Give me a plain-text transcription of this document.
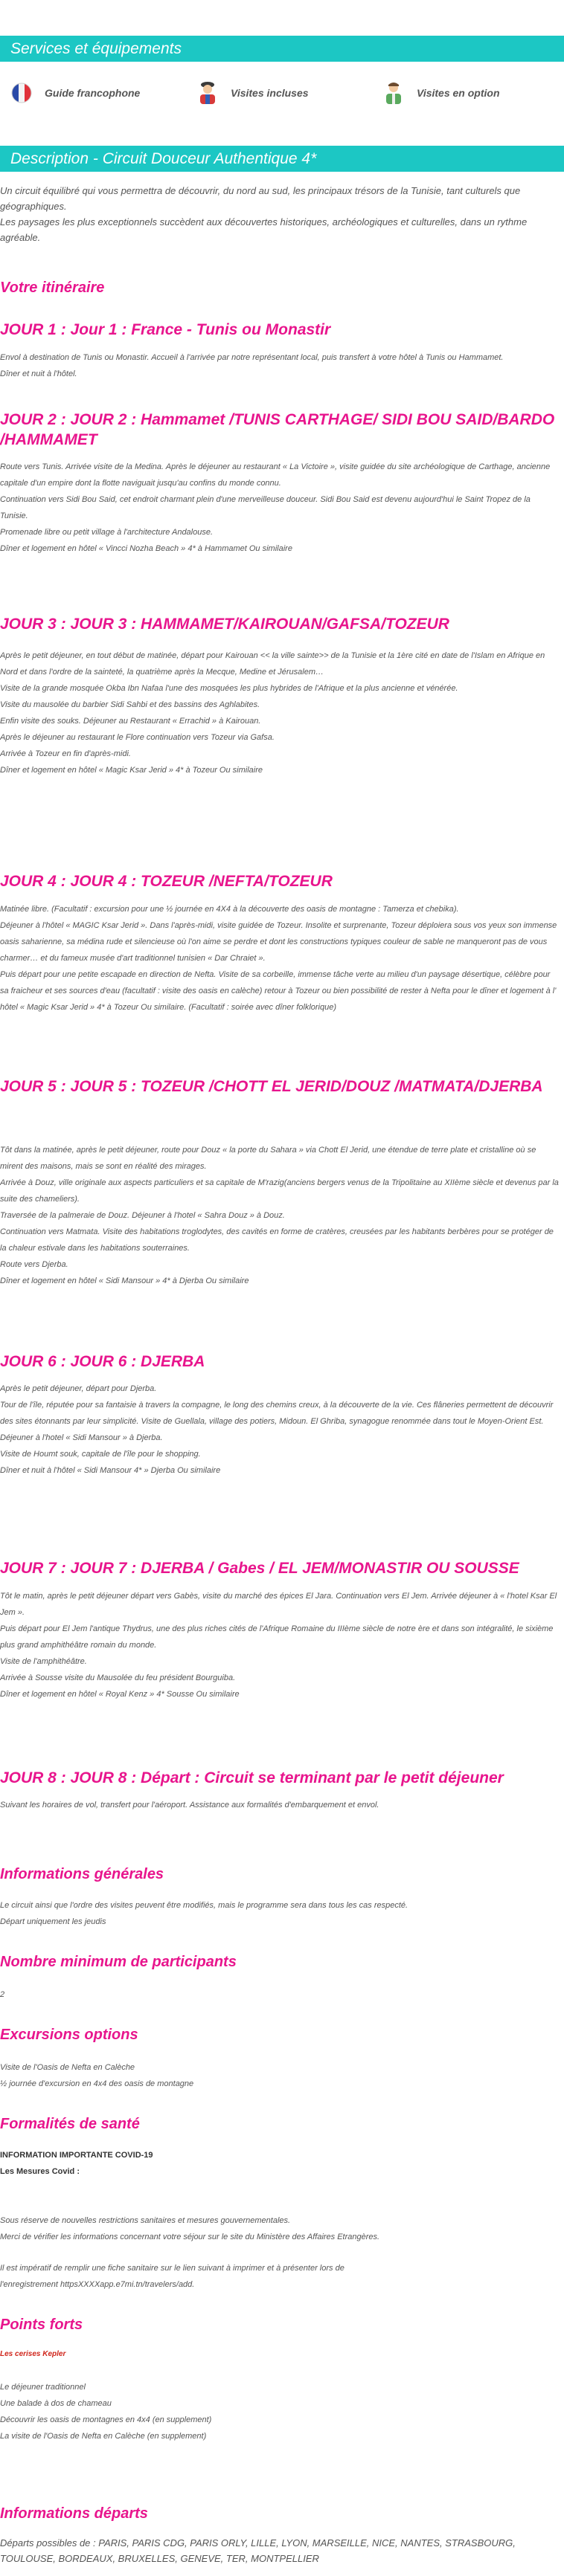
Services et équipements
Guide francophone	Visites incluses	Visites en option
Description - Circuit Douceur Authentique 4*

Un circuit équilibré qui vous permettra de découvrir, du nord au sud, les principaux trésors de la Tunisie, tant culturels que géographiques.

Les paysages les plus exceptionnels succèdent aux découvertes historiques, archéologiques et culturelles, dans un rythme agréable.

Votre itinéraire
JOUR 1 : Jour 1 : France - Tunis ou Monastir

Envol à destination de Tunis ou Monastir. Accueil à l'arrivée par notre représentant local, puis transfert à votre hôtel à Tunis ou Hammamet.

Dîner et nuit à l'hôtel.

JOUR 2 : JOUR 2 : Hammamet /TUNIS CARTHAGE/ SIDI BOU SAID/BARDO /HAMMAMET

Route vers Tunis. Arrivée visite de la Medina. Après le déjeuner au restaurant « La Victoire », visite guidée du site archéologique de Carthage, ancienne capitale d'un empire dont la flotte naviguait jusqu'au confins du monde connu.

Continuation vers Sidi Bou Said, cet endroit charmant plein d'une merveilleuse douceur. Sidi Bou Said est devenu aujourd'hui le Saint Tropez de la Tunisie.

Promenade libre ou petit village à l'architecture Andalouse.

Dîner et logement en hôtel « Vincci Nozha Beach » 4* à Hammamet Ou similaire

JOUR 3 : JOUR 3 : HAMMAMET/KAIROUAN/GAFSA/TOZEUR

Après le petit déjeuner, en tout début de matinée, départ pour Kairouan << la ville sainte>> de la Tunisie et la 1ère cité en date de l'Islam en Afrique en Nord et dans l'ordre de la sainteté, la quatrième après la Mecque, Medine et Jérusalem…

Visite de la grande mosquée Okba Ibn Nafaa l'une des mosquées les plus hybrides de l'Afrique et la plus ancienne et vénérée.

Visite du mausolée du barbier Sidi Sahbi et des bassins des Aghlabites.

Enfin visite des souks. Déjeuner au Restaurant « Errachid » à Kairouan.

Après le déjeuner au restaurant le Flore continuation vers Tozeur via Gafsa.

Arrivée à Tozeur en fin d'après-midi.

Dîner et logement en hôtel « Magic Ksar Jerid » 4* à Tozeur Ou similaire

JOUR 4 : JOUR 4 : TOZEUR /NEFTA/TOZEUR

Matinée libre. (Facultatif : excursion pour une ½ journée en 4X4 à la découverte des oasis de montagne : Tamerza et chebika).

Déjeuner à l'hôtel « MAGIC Ksar Jerid ». Dans l'après-midi, visite guidée de Tozeur. Insolite et surprenante, Tozeur déploiera sous vos yeux son immense oasis saharienne, sa médina rude et silencieuse où l'on aime se perdre et dont les constructions typiques couleur de sable ne manqueront pas de vous charmer… et du fameux musée d'art traditionnel tunisien « Dar Chraiet ».

Puis départ pour une petite escapade en direction de Nefta. Visite de sa corbeille, immense tâche verte au milieu d'un paysage désertique, célèbre pour sa fraicheur et ses sources d'eau (facultatif : visite des oasis en calèche) retour à Tozeur ou bien possibilité de rester à Nefta pour le dîner et logement à l' hôtel « Magic Ksar Jerid » 4* à Tozeur Ou similaire. (Facultatif : soirée avec dîner folklorique)

JOUR 5 : JOUR 5 : TOZEUR /CHOTT EL JERID/DOUZ /MATMATA/DJERBA

Tôt dans la matinée, après le petit déjeuner, route pour Douz « la porte du Sahara » via Chott El Jerid, une étendue de terre plate et cristalline où se mirent des maisons, mais se sont en réalité des mirages.

Arrivée à Douz, ville originale aux aspects particuliers et sa capitale de M'razig(anciens bergers venus de la Tripolitaine au XIIème siècle et devenus par la suite des chameliers).

Traversée de la palmeraie de Douz. Déjeuner à l'hotel « Sahra Douz » à Douz.

Continuation vers Matmata. Visite des habitations troglodytes, des cavités en forme de cratères, creusées par les habitants berbères pour se protéger de la chaleur estivale dans les habitations souterraines.

Route vers Djerba.

Dîner et logement en hôtel « Sidi Mansour » 4* à Djerba Ou similaire

JOUR 6 : JOUR 6 : DJERBA

Après le petit déjeuner, départ pour Djerba.

Tour de l'île, réputée pour sa fantaisie à travers la compagne, le long des chemins creux, à la découverte de la vie. Ces flâneries permettent de découvrir des sites étonnants par leur simplicité. Visite de Guellala, village des potiers, Midoun. El Ghriba, synagogue renommée dans tout le Moyen-Orient Est.

Déjeuner à l'hotel « Sidi Mansour » à Djerba.

Visite de Houmt souk, capitale de l'île pour le shopping.

Dîner et nuit à l'hôtel « Sidi Mansour 4* » Djerba Ou similaire

JOUR 7 : JOUR 7 : DJERBA / Gabes / EL JEM/MONASTIR OU SOUSSE

Tôt le matin, après le petit déjeuner départ vers Gabès, visite du marché des épices El Jara. Continuation vers El Jem. Arrivée déjeuner à « l'hotel Ksar El Jem ».

Puis départ pour El Jem l'antique Thydrus, une des plus riches cités de l'Afrique Romaine du IIIème siècle de notre ère et dans son intégralité, le sixième plus grand amphithéâtre romain du monde.

Visite de l'amphithéâtre.

Arrivée à Sousse visite du Mausolée du feu président Bourguiba.

Dîner et logement en hôtel « Royal Kenz » 4* Sousse Ou similaire

JOUR 8 : JOUR 8 : Départ : Circuit se terminant par le petit déjeuner

Suivant les horaires de vol, transfert pour l'aéroport. Assistance aux formalités d'embarquement et envol.

Informations générales

Le circuit ainsi que l'ordre des visites peuvent être modifiés, mais le programme sera dans tous les cas respecté.

Départ uniquement les jeudis

Nombre minimum de participants
2
Excursions options

Visite de l'Oasis de Nefta en Calèche

½ journée d'excursion en 4x4 des oasis de montagne

Formalités de santé

INFORMATION IMPORTANTE COVID-19

Les Mesures Covid :

Sous réserve de nouvelles restrictions sanitaires et mesures gouvernementales.

Merci de vérifier les informations concernant votre séjour sur le site du Ministère des Affaires Etrangères.

Il est impératif de remplir une fiche sanitaire sur le lien suivant à imprimer et à présenter lors de

l'enregistrement httpsXXXXapp.e7mi.tn/travelers/add.

Points forts

Les cerises Kepler

Le déjeuner traditionnel

Une balade à dos de chameau

Découvrir les oasis de montagnes en 4x4 (en supplement)

La visite de l'Oasis de Nefta en Calèche (en supplement)

Informations départs

Départs possibles de : PARIS, PARIS CDG, PARIS ORLY, LILLE, LYON, MARSEILLE, NICE, NANTES, STRASBOURG,

TOULOUSE, BORDEAUX, BRUXELLES, GENEVE, TER, MONTPELLIER
